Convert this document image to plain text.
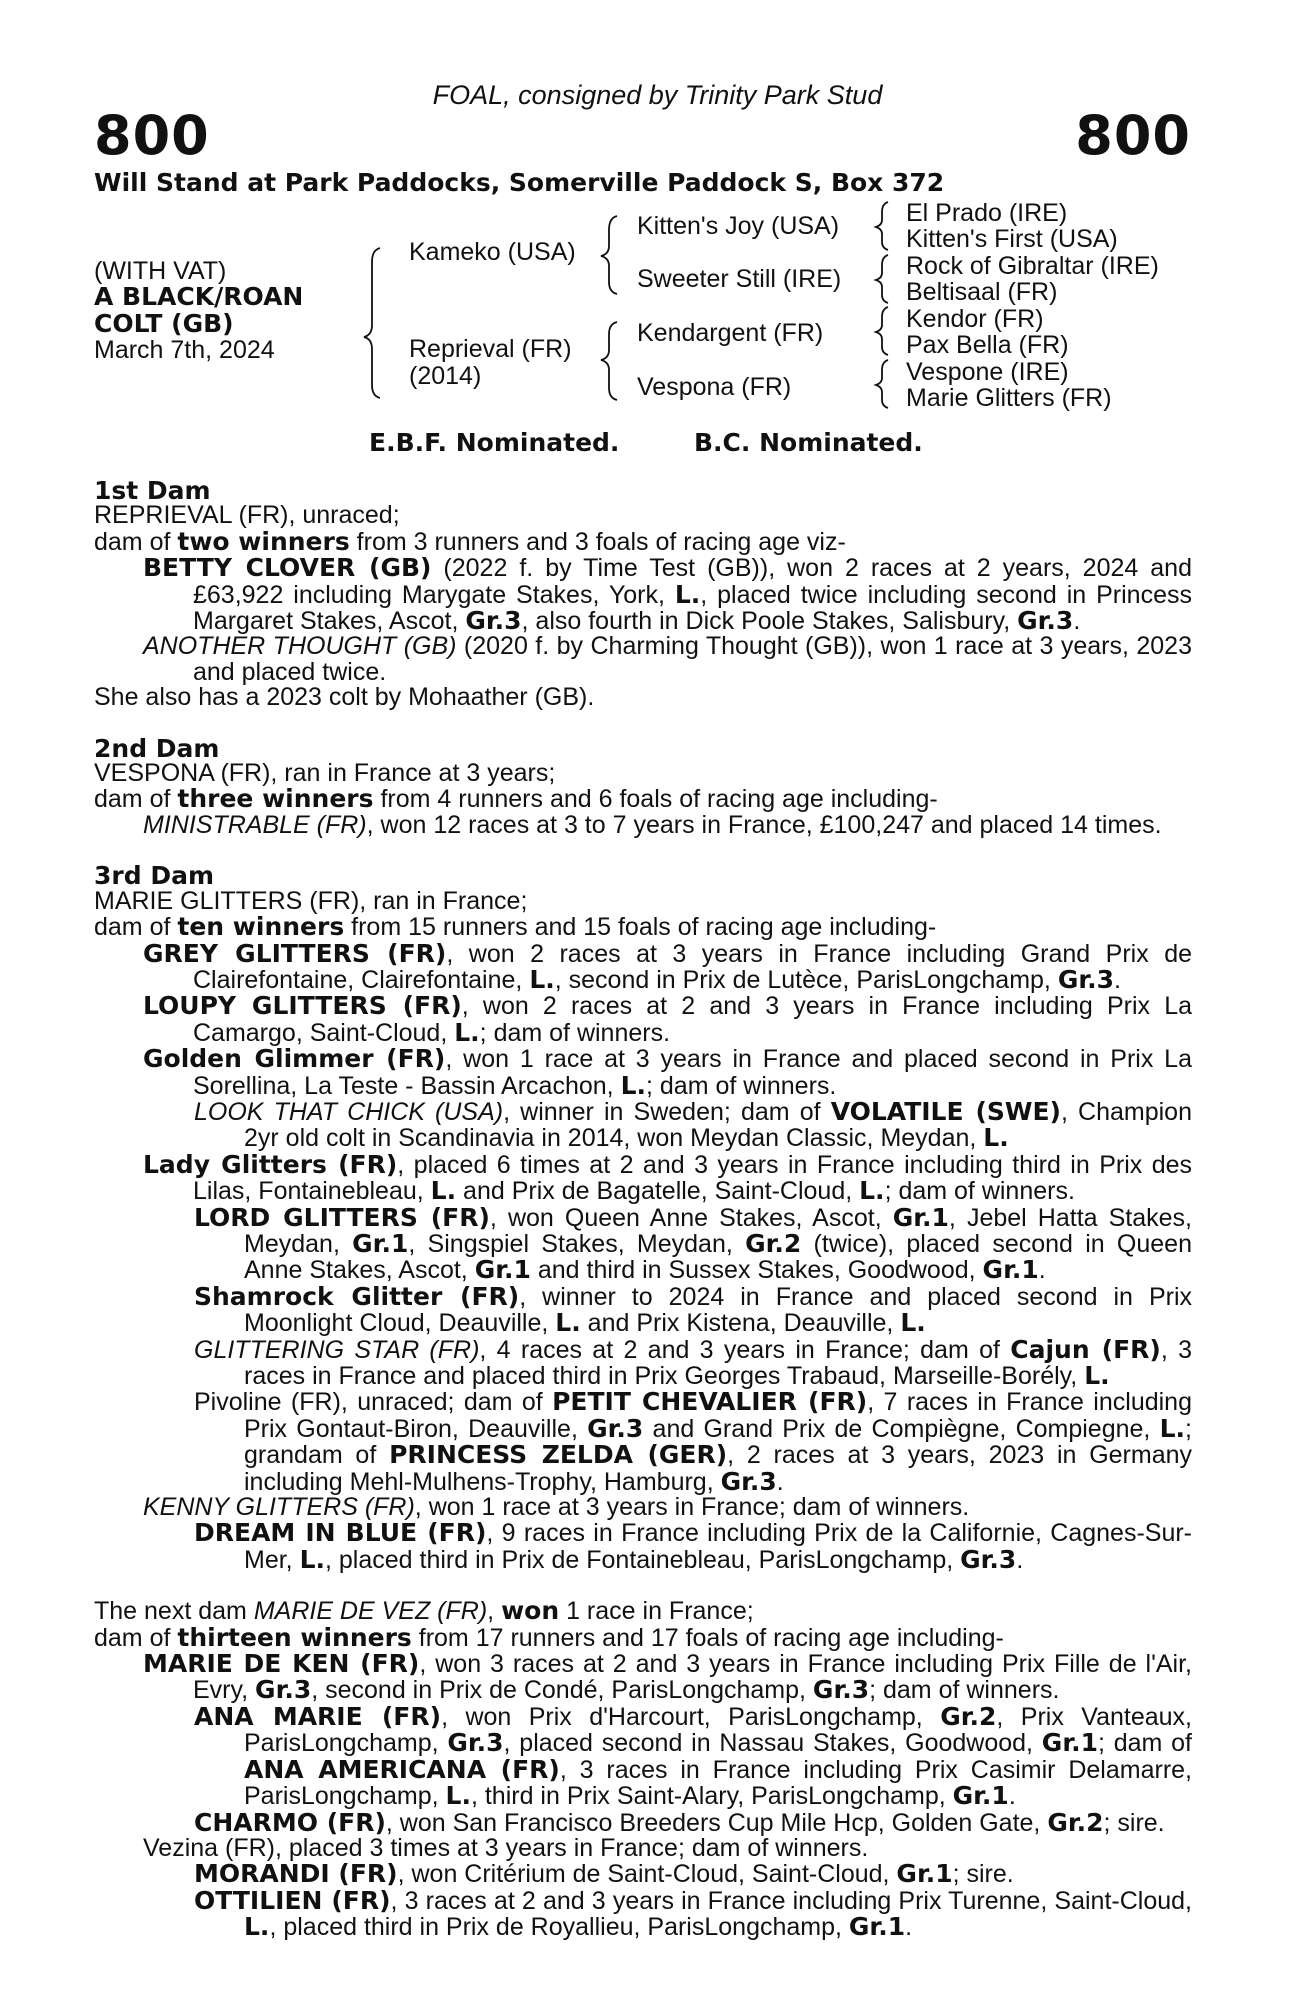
FOAL, consigned by Trinity Park Stud
800	800
Will Stand at Park Paddocks, Somerville Paddock S, Box 372
(WITH VAT)
A BLACK/ROAN
COLT (GB)
March 7th, 2024
Kameko (USA)
Reprieval (FR)
(2014)
Kitten's Joy (USA)
Sweeter Still (IRE)
Kendargent (FR)
Vespona (FR)
El Prado (IRE)
Kitten's First (USA)
Rock of Gibraltar (IRE)
Beltisaal (FR)
Kendor (FR)
Pax Bella (FR)
Vespone (IRE)
Marie Glitters (FR)
E.B.F. Nominated.	B.C. Nominated.

1st Dam

REPRIEVAL (FR), unraced;

dam of two winners from 3 runners and 3 foals of racing age viz-

BETTY CLOVER (GB) (2022 f. by Time Test (GB)), won 2 races at 2 years, 2024 and £63,922 including Marygate Stakes, York, L., placed twice including second in Princess Margaret Stakes, Ascot, Gr.3, also fourth in Dick Poole Stakes, Salisbury, Gr.3.

ANOTHER THOUGHT (GB) (2020 f. by Charming Thought (GB)), won 1 race at 3 years, 2023 and placed twice.

She also has a 2023 colt by Mohaather (GB).

2nd Dam

VESPONA (FR), ran in France at 3 years;

dam of three winners from 4 runners and 6 foals of racing age including-

MINISTRABLE (FR), won 12 races at 3 to 7 years in France, £100,247 and placed 14 times.

3rd Dam

MARIE GLITTERS (FR), ran in France;

dam of ten winners from 15 runners and 15 foals of racing age including-

GREY GLITTERS (FR), won 2 races at 3 years in France including Grand Prix de Clairefontaine, Clairefontaine, L., second in Prix de Lutèce, ParisLongchamp, Gr.3.

LOUPY GLITTERS (FR), won 2 races at 2 and 3 years in France including Prix La Camargo, Saint-Cloud, L.; dam of winners.

Golden Glimmer (FR), won 1 race at 3 years in France and placed second in Prix La Sorellina, La Teste - Bassin Arcachon, L.; dam of winners.

LOOK THAT CHICK (USA), winner in Sweden; dam of VOLATILE (SWE), Champion 2yr old colt in Scandinavia in 2014, won Meydan Classic, Meydan, L.

Lady Glitters (FR), placed 6 times at 2 and 3 years in France including third in Prix des Lilas, Fontainebleau, L. and Prix de Bagatelle, Saint-Cloud, L.; dam of winners.

LORD GLITTERS (FR), won Queen Anne Stakes, Ascot, Gr.1, Jebel Hatta Stakes, Meydan, Gr.1, Singspiel Stakes, Meydan, Gr.2 (twice), placed second in Queen Anne Stakes, Ascot, Gr.1 and third in Sussex Stakes, Goodwood, Gr.1.

Shamrock Glitter (FR), winner to 2024 in France and placed second in Prix Moonlight Cloud, Deauville, L. and Prix Kistena, Deauville, L.

GLITTERING STAR (FR), 4 races at 2 and 3 years in France; dam of Cajun (FR), 3 races in France and placed third in Prix Georges Trabaud, Marseille-Borély, L.

Pivoline (FR), unraced; dam of PETIT CHEVALIER (FR), 7 races in France including Prix Gontaut-Biron, Deauville, Gr.3 and Grand Prix de Compiègne, Compiegne, L.; grandam of PRINCESS ZELDA (GER), 2 races at 3 years, 2023 in Germany including Mehl-Mulhens-Trophy, Hamburg, Gr.3.

KENNY GLITTERS (FR), won 1 race at 3 years in France; dam of winners.

DREAM IN BLUE (FR), 9 races in France including Prix de la Californie, Cagnes-Sur-Mer, L., placed third in Prix de Fontainebleau, ParisLongchamp, Gr.3.

The next dam MARIE DE VEZ (FR), won 1 race in France;

dam of thirteen winners from 17 runners and 17 foals of racing age including-

MARIE DE KEN (FR), won 3 races at 2 and 3 years in France including Prix Fille de l'Air, Evry, Gr.3, second in Prix de Condé, ParisLongchamp, Gr.3; dam of winners.

ANA MARIE (FR), won Prix d'Harcourt, ParisLongchamp, Gr.2, Prix Vanteaux, ParisLongchamp, Gr.3, placed second in Nassau Stakes, Goodwood, Gr.1; dam of ANA AMERICANA (FR), 3 races in France including Prix Casimir Delamarre, ParisLongchamp, L., third in Prix Saint-Alary, ParisLongchamp, Gr.1.

CHARMO (FR), won San Francisco Breeders Cup Mile Hcp, Golden Gate, Gr.2; sire.

Vezina (FR), placed 3 times at 3 years in France; dam of winners.

MORANDI (FR), won Critérium de Saint-Cloud, Saint-Cloud, Gr.1; sire.

OTTILIEN (FR), 3 races at 2 and 3 years in France including Prix Turenne, Saint-Cloud, L., placed third in Prix de Royallieu, ParisLongchamp, Gr.1.
